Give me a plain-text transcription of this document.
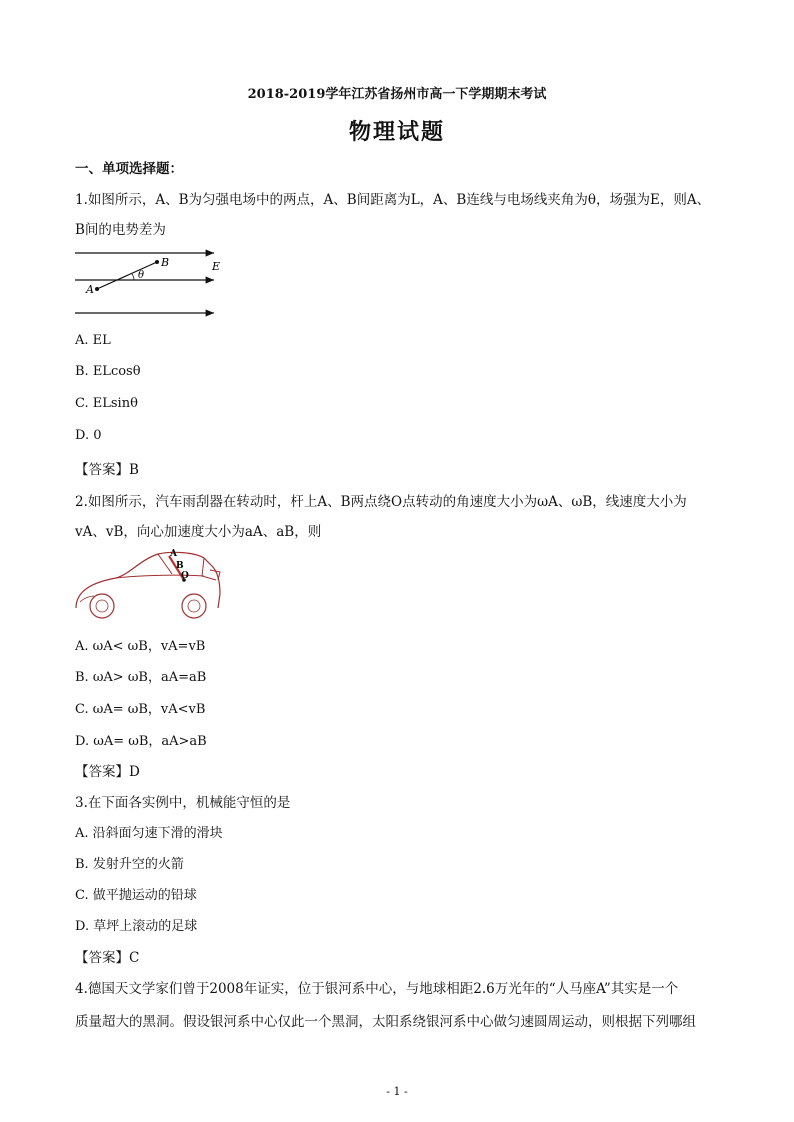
2018-2019学年江苏省扬州市高一下学期期末考试
物理试题
一、单项选择题：
1.如图所示，A、B为匀强电场中的两点，A、B间距离为L，A、B连线与电场线夹角为θ，场强为E，则A、
B间的电势差为
A
B
θ
E
A. EL
B. ELcosθ
C. ELsinθ
D. 0
【答案】B
2.如图所示，汽车雨刮器在转动时，杆上A、B两点绕O点转动的角速度大小为ωA、ωB，线速度大小为
vA、vB，向心加速度大小为aA、aB，则
A
B
O
A. ωA< ωB，vA=vB
B. ωA> ωB，aA=aB
C. ωA= ωB，vA<vB
D. ωA= ωB，aA>aB
【答案】D
3.在下面各实例中，机械能守恒的是
A. 沿斜面匀速下滑的滑块
B. 发射升空的火箭
C. 做平抛运动的铅球
D. 草坪上滚动的足球
【答案】C
4.德国天文学家们曾于2008年证实，位于银河系中心，与地球相距2.6万光年的“人马座A”其实是一个
质量超大的黑洞。假设银河系中心仅此一个黑洞，太阳系绕银河系中心做匀速圆周运动，则根据下列哪组
- 1 -
